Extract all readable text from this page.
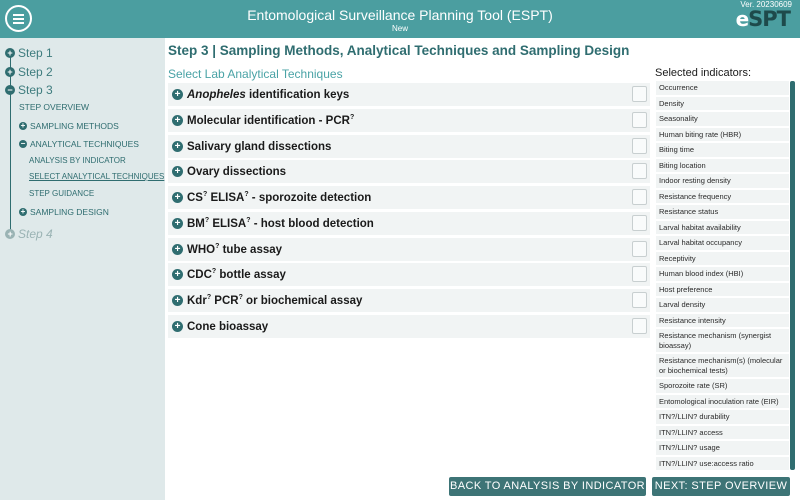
Entomological Surveillance Planning Tool (ESPT)
New
Ver. 20230609
eSPT
+ Step 1
+ Step 2
− Step 3
STEP OVERVIEW
+ SAMPLING METHODS
− ANALYTICAL TECHNIQUES
ANALYSIS BY INDICATOR
SELECT ANALYTICAL TECHNIQUES
STEP GUIDANCE
+ SAMPLING DESIGN
+ Step 4
Step 3 | Sampling Methods, Analytical Techniques and Sampling Design
Select Lab Analytical Techniques
+ Anopheles identification keys
+ Molecular identification - PCR?
+ Salivary gland dissections
+ Ovary dissections
+ CS? ELISA? - sporozoite detection
+ BM? ELISA? - host blood detection
+ WHO? tube assay
+ CDC? bottle assay
+ Kdr? PCR? or biochemical assay
+ Cone bioassay
Selected indicators:
Occurrence
Density
Seasonality
Human biting rate (HBR)
Biting time
Biting location
Indoor resting density
Resistance frequency
Resistance status
Larval habitat availability
Larval habitat occupancy
Receptivity
Human blood index (HBI)
Host preference
Larval density
Resistance intensity
Resistance mechanism (synergist bioassay)
Resistance mechanism(s) (molecular or biochemical tests)
Sporozoite rate (SR)
Entomological inoculation rate (EIR)
ITN?/LLIN? durability
ITN?/LLIN? access
ITN?/LLIN? usage
ITN?/LLIN? use:access ratio
BACK TO ANALYSIS BY INDICATOR NEXT: STEP OVERVIEW
